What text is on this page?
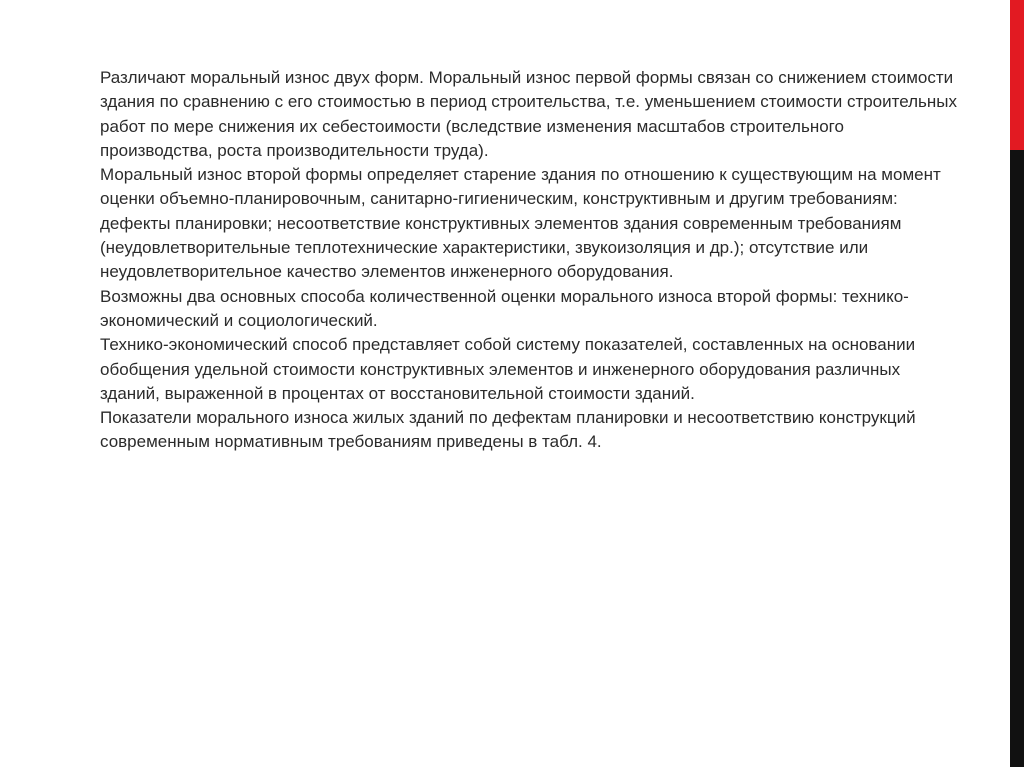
Различают моральный износ двух форм. Моральный износ первой формы связан со снижением стоимости здания по сравнению с его стоимостью в период строительства, т.е. уменьшением стоимости строительных работ по мере снижения их себестоимости (вследствие изменения масштабов строительного производства, роста производительности труда).

Моральный износ второй формы определяет старение здания по отношению к существующим на момент оценки объемно-планировочным, санитарно-гигиеническим, конструктивным и другим требованиям: дефекты планировки; несоответствие конструктивных элементов здания современным требованиям (неудовлетворительные теплотехнические характеристики, звукоизоляция и др.); отсутствие или неудовлетворительное качество элементов инженерного оборудования.

Возможны два основных способа количественной оценки морального износа второй формы: технико-экономический и социологический.

Технико-экономический способ представляет собой систему показателей, составленных на основании обобщения удельной стоимости конструктивных элементов и инженерного оборудования различных зданий, выраженной в процентах от восстановительной стоимости зданий.

Показатели морального износа жилых зданий по дефектам планировки и несоответствию конструкций современным нормативным требованиям приведены в табл. 4.
